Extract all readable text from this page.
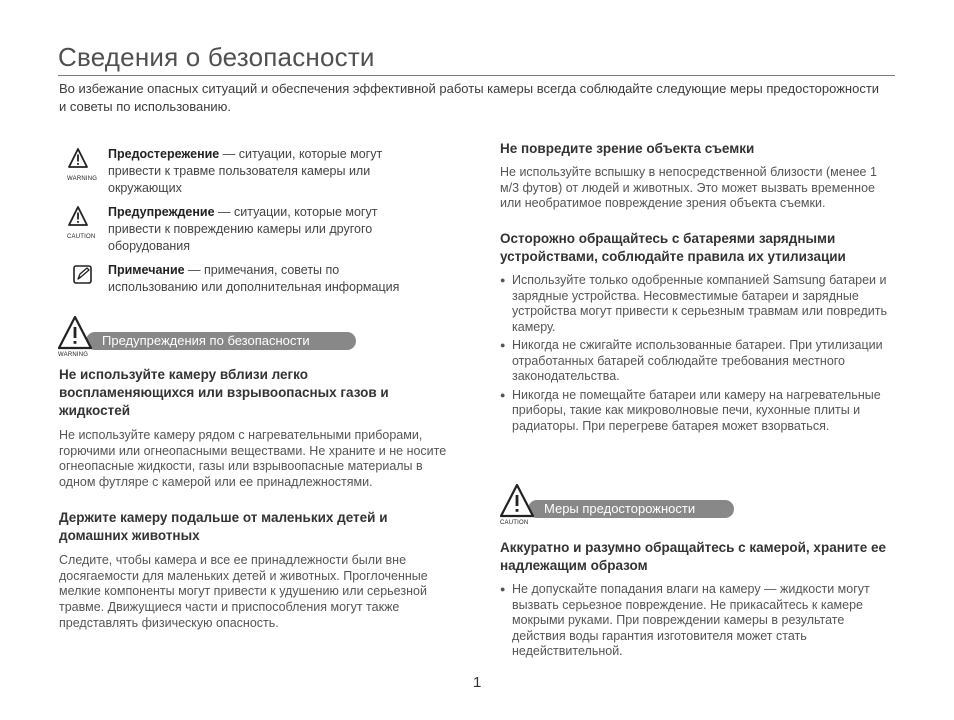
Сведения о безопасности
Во избежание опасных ситуаций и обеспечения эффективной работы камеры всегда соблюдайте следующие меры предосторожности и советы по использованию.
WARNING
Предостережение — ситуации, которые могут привести к травме пользователя камеры или окружающих
CAUTION
Предупреждение — ситуации, которые могут привести к повреждению камеры или другого оборудования
Примечание — примечания, советы по использованию или дополнительная информация
Предупреждения по безопасности
WARNING
Не используйте камеру вблизи легко воспламеняющихся или взрывоопасных газов и жидкостей
Не используйте камеру рядом с нагревательными приборами, горючими или огнеопасными веществами. Не храните и не носите огнеопасные жидкости, газы или взрывоопасные материалы в одном футляре с камерой или ее принадлежностями.
Держите камеру подальше от маленьких детей и домашних животных
Следите, чтобы камера и все ее принадлежности были вне досягаемости для маленьких детей и животных. Проглоченные мелкие компоненты могут привести к удушению или серьезной травме. Движущиеся части и приспособления могут также представлять физическую опасность.
Не повредите зрение объекта съемки
Не используйте вспышку в непосредственной близости (менее 1 м/3 футов) от людей и животных. Это может вызвать временное или необратимое повреждение зрения объекта съемки.
Осторожно обращайтесь с батареями зарядными устройствами, соблюдайте правила их утилизации
● Используйте только одобренные компанией Samsung батареи и зарядные устройства. Несовместимые батареи и зарядные устройства могут привести к серьезным травмам или повредить камеру.
● Никогда не сжигайте использованные батареи. При утилизации отработанных батарей соблюдайте требования местного законодательства.
● Никогда не помещайте батареи или камеру на нагревательные приборы, такие как микроволновые печи, кухонные плиты и радиаторы. При перегреве батарея может взорваться.
Меры предосторожности
CAUTION
Аккуратно и разумно обращайтесь с камерой, храните ее надлежащим образом
● Не допускайте попадания влаги на камеру — жидкости могут вызвать серьезное повреждение. Не прикасайтесь к камере мокрыми руками. При повреждении камеры в результате действия воды гарантия изготовителя может стать недействительной.
1
